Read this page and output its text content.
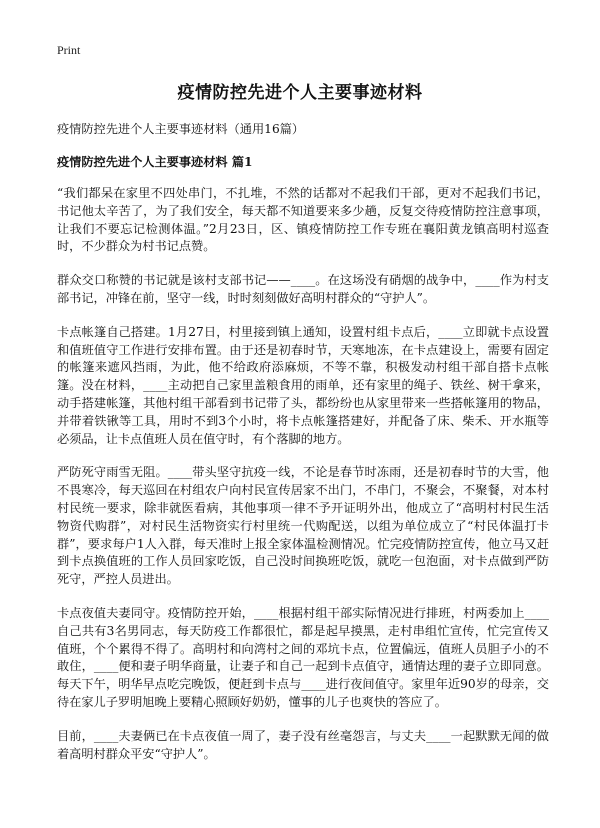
Print
疫情防控先进个人主要事迹材料

疫情防控先进个人主要事迹材料（通用16篇）

疫情防控先进个人主要事迹材料 篇1

“我们都呆在家里不四处串门，不扎堆，不然的话都对不起我们干部，更对不起我们书记，书记他太辛苦了，为了我们安全，每天都不知道要来多少趟，反复交待疫情防控注意事项，让我们不要忘记检测体温。”2月23日，区、镇疫情防控工作专班在襄阳黄龙镇高明村巡查时，不少群众为村书记点赞。

群众交口称赞的书记就是该村支部书记——____。在这场没有硝烟的战争中，____作为村支部书记，冲锋在前，坚守一线，时时刻刻做好高明村群众的“守护人”。

卡点帐篷自己搭建。1月27日，村里接到镇上通知，设置村组卡点后，____立即就卡点设置和值班值守工作进行安排布置。由于还是初春时节，天寒地冻，在卡点建设上，需要有固定的帐篷来遮风挡雨，为此，他不给政府添麻烦，不等不靠，积极发动村组干部自搭卡点帐篷。没在材料，____主动把自己家里盖粮食用的雨单，还有家里的绳子、铁丝、树干拿来，动手搭建帐篷，其他村组干部看到书记带了头，都纷纷也从家里带来一些搭帐篷用的物品，并带着铁锹等工具，用时不到3个小时，将卡点帐篷搭建好，并配备了床、柴禾、开水瓶等必须品，让卡点值班人员在值守时，有个落脚的地方。

严防死守雨雪无阻。____带头坚守抗疫一线，不论是春节时冻雨，还是初春时节的大雪，他不畏寒冷，每天巡回在村组农户向村民宣传居家不出门，不串门，不聚会，不聚餐，对本村村民统一要求，除非就医看病，其他事项一律不予开证明外出，他成立了“高明村村民生活物资代购群”，对村民生活物资实行村里统一代购配送，以组为单位成立了“村民体温打卡群”，要求每户1人入群，每天准时上报全家体温检测情况。忙完疫情防控宣传，他立马又赶到卡点换值班的工作人员回家吃饭，自己没时间换班吃饭，就吃一包泡面，对卡点做到严防死守，严控人员进出。

卡点夜值夫妻同守。疫情防控开始，____根据村组干部实际情况进行排班，村两委加上____自己共有3名男同志，每天防疫工作都很忙，都是起早摸黑，走村串组忙宣传，忙完宣传又值班，个个累得不得了。高明村和向湾村之间的邓坑卡点，位置偏远，值班人员胆子小的不敢住，____便和妻子明华商量，让妻子和自己一起到卡点值守，通情达理的妻子立即同意。每天下午，明华早点吃完晚饭，便赶到卡点与____进行夜间值守。家里年近90岁的母亲，交待在家儿子罗明旭晚上要精心照顾好奶奶，懂事的儿子也爽快的答应了。

目前，____夫妻俩已在卡点夜值一周了，妻子没有丝毫怨言，与丈夫____一起默默无闻的做着高明村群众平安“守护人”。
